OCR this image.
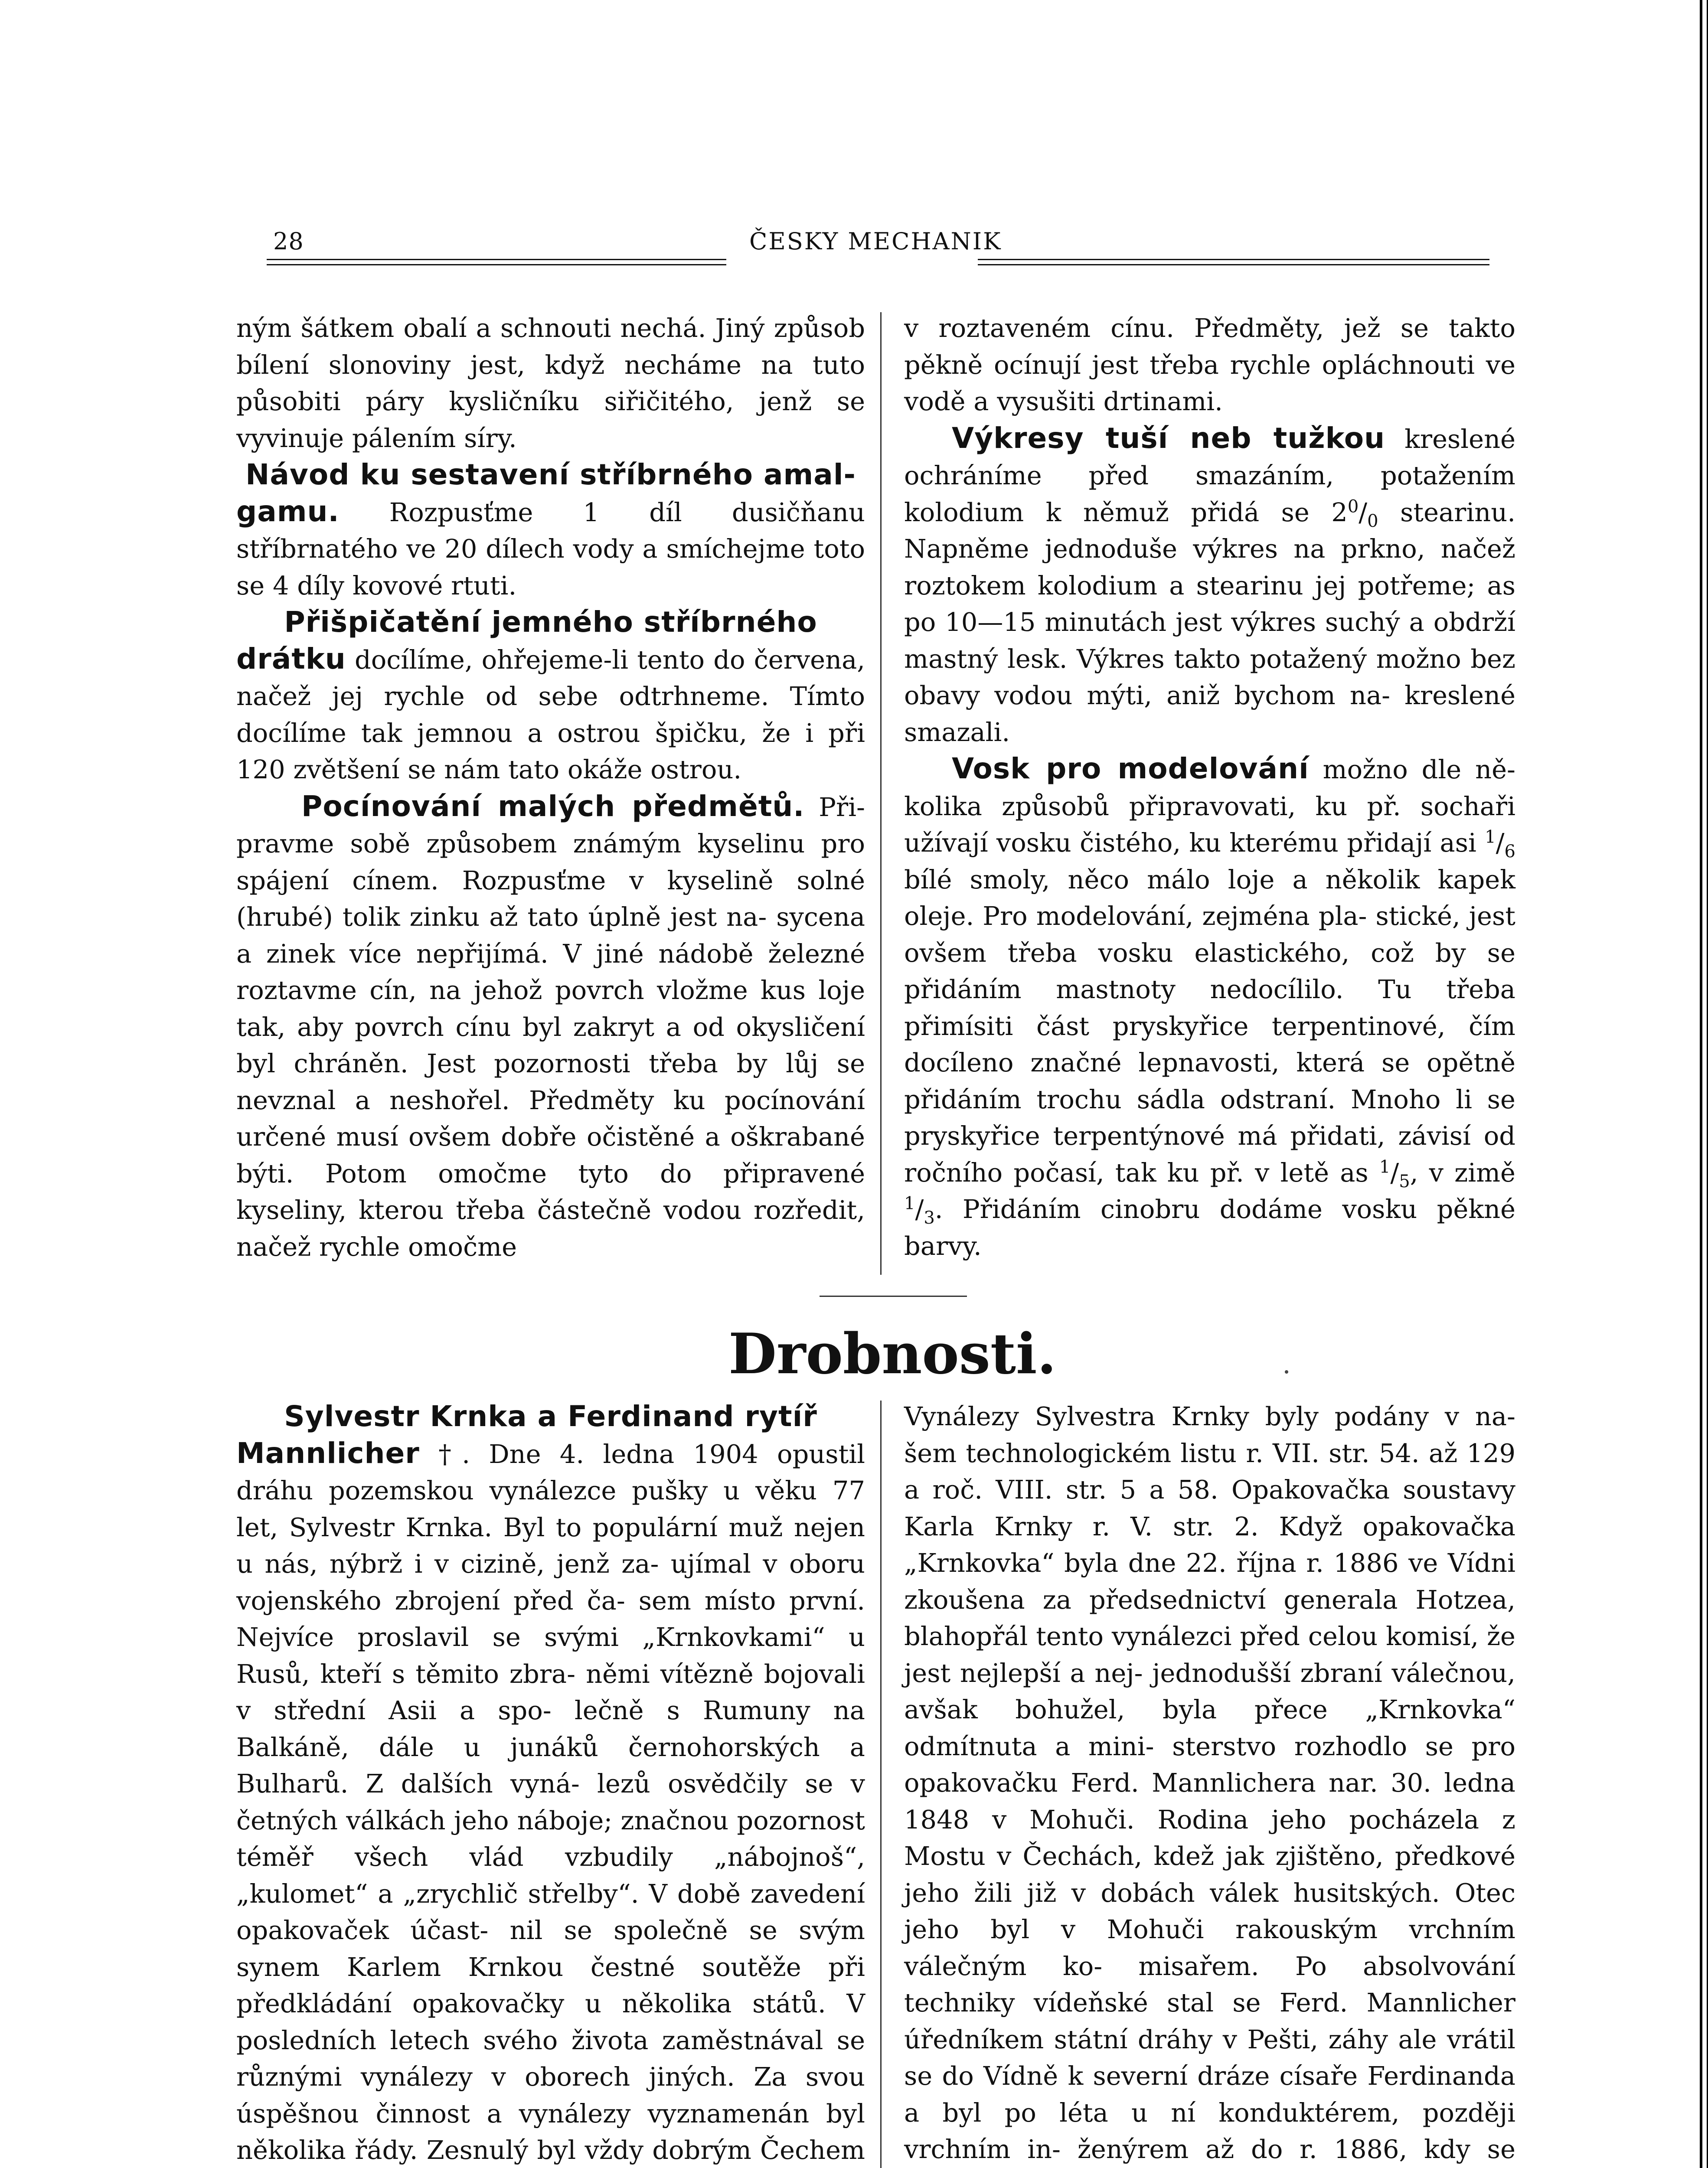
28	ČESKY MECHANIK

ným šátkem obalí a schnouti nechá. Jiný způsob bílení slonoviny jest, když necháme na tuto působiti páry kysličníku siřičitého, jenž se vyvinuje pálením síry.

Návod ku sestavení stříbrného amal-

gamu. Rozpusťme 1 díl dusičňanu stříbrnatého ve 20 dílech vody a smíchejme toto se 4 díly kovové rtuti.

Přišpičatění jemného stříbrného

drátku docílíme, ohřejeme-li tento do červena, načež jej rychle od sebe odtrhneme. Tímto docílíme tak jemnou a ostrou špičku, že i při 120 zvětšení se nám tato okáže ostrou.

Pocínování malých předmětů. Při- pravme sobě způsobem známým kyselinu pro spájení cínem. Rozpusťme v kyselině solné (hrubé) tolik zinku až tato úplně jest na- sycena a zinek více nepřijímá. V jiné nádobě železné roztavme cín, na jehož povrch vložme kus loje tak, aby povrch cínu byl zakryt a od okysličení byl chráněn. Jest pozornosti třeba by lůj se nevznal a neshořel. Předměty ku pocínování určené musí ovšem dobře očistěné a oškrabané býti. Potom omočme tyto do připravené kyseliny, kterou třeba částečně vodou rozředit, načež rychle omočme

v roztaveném cínu. Předměty, jež se takto pěkně ocínují jest třeba rychle opláchnouti ve vodě a vysušiti drtinami.

Výkresy tuší neb tužkou kreslené ochráníme před smazáním, potažením kolodium k němuž přidá se $2^0/_0$ stearinu. Napněme jednoduše výkres na prkno, načež roztokem kolodium a stearinu jej potřeme; as po 10—15 minutách jest výkres suchý a obdrží mastný lesk. Výkres takto potažený možno bez obavy vodou mýti, aniž bychom na- kreslené smazali.

Vosk pro modelování možno dle ně- kolika způsobů připravovati, ku př. sochaři užívají vosku čistého, ku kterému přidají asi $^1/_6$ bílé smoly, něco málo loje a několik kapek oleje. Pro modelování, zejména pla- stické, jest ovšem třeba vosku elastického, což by se přidáním mastnoty nedocílilo. Tu třeba přimísiti část pryskyřice terpentinové, čím docíleno značné lepnavosti, která se opětně přidáním trochu sádla odstraní. Mnoho li se pryskyřice terpentýnové má přidati, závisí od ročního počasí, tak ku př. v letě as $^1/_5$, v zimě $^1/_3$. Přidáním cinobru dodáme vosku pěkné barvy.

Drobnosti.
Sylvestr Krnka a Ferdinand rytíř

Mannlicher †. Dne 4. ledna 1904 opustil dráhu pozemskou vynálezce pušky u věku 77 let, Sylvestr Krnka. Byl to populární muž nejen u nás, nýbrž i v cizině, jenž za- ujímal v oboru vojenského zbrojení před ča- sem místo první. Nejvíce proslavil se svými „Krnkovkami“ u Rusů, kteří s těmito zbra- němi vítězně bojovali v střední Asii a spo- lečně s Rumuny na Balkáně, dále u junáků černohorských a Bulharů. Z dalších vyná- lezů osvědčily se v četných válkách jeho náboje; značnou pozornost téměř všech vlád vzbudily „nábojnoš“, „kulomet“ a „zrychlič střelby“. V době zavedení opakovaček účast- nil se společně se svým synem Karlem Krnkou čestné soutěže při předkládání opakovačky u několika států. V posledních letech svého života zaměstnával se různými vynálezy v oborech jiných. Za svou úspěšnou činnost a vynálezy vyznamenán byl několika řády. Zesnulý byl vždy dobrým Čechem

Vynálezy Sylvestra Krnky byly podány v na- šem technologickém listu r. VII. str. 54. až 129 a roč. VIII. str. 5 a 58. Opakovačka soustavy Karla Krnky r. V. str. 2. Když opakovačka „Krnkovka“ byla dne 22. října r. 1886 ve Vídni zkoušena za předsednictví generala Hotzea, blahopřál tento vynálezci před celou komisí, že jest nejlepší a nej- jednodušší zbraní válečnou, avšak bohužel, byla přece „Krnkovka“ odmítnuta a mini- sterstvo rozhodlo se pro opakovačku Ferd. Mannlichera nar. 30. ledna 1848 v Mohuči. Rodina jeho pocházela z Mostu v Čechách, kdež jak zjištěno, předkové jeho žili již v dobách válek husitských. Otec jeho byl v Mohuči rakouským vrchním válečným ko- misařem. Po absolvování techniky vídeňské stal se Ferd. Mannlicher úředníkem státní dráhy v Pešti, záhy ale vrátil se do Vídně k severní dráze císaře Ferdinanda a byl po léta u ní konduktérem, později vrchním in- ženýrem až do r. 1886, kdy se
